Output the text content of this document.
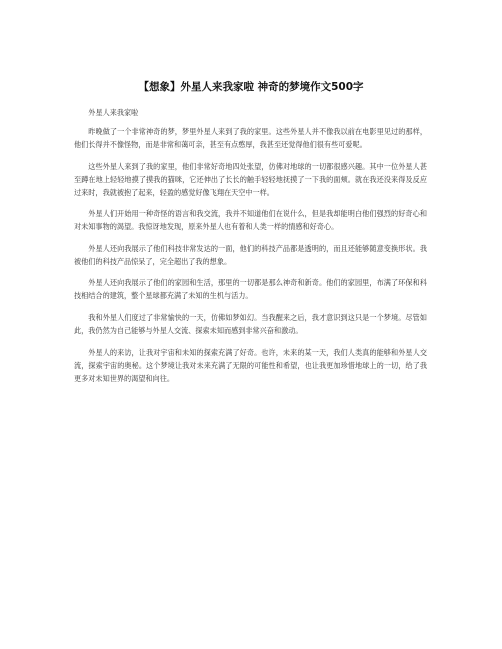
【想象】外星人来我家啦 神奇的梦境作文500字

外星人来我家啦

昨晚做了一个非常神奇的梦，梦里外星人来到了我的家里。这些外星人并不像我以前在电影里见过的那样，他们长得并不像怪物，而是非常和蔼可亲，甚至有点憨厚，我甚至还觉得他们很有些可爱呢。

这些外星人来到了我的家里，他们非常好奇地四处张望，仿佛对地球的一切都很感兴趣。其中一位外星人甚至蹲在地上轻轻地摸了摸我的猫咪，它还伸出了长长的触手轻轻地抚摸了一下我的面颊。就在我还没来得及反应过来时，我就被抱了起来，轻盈的感觉好像飞翔在天空中一样。

外星人们开始用一种奇怪的语言和我交流，我并不知道他们在说什么，但是我却能明白他们强烈的好奇心和对未知事物的渴望。我惊讶地发现，原来外星人也有着和人类一样的情感和好奇心。

外星人还向我展示了他们科技非常发达的一面，他们的科技产品都是透明的，而且还能够随意变换形状。我被他们的科技产品惊呆了，完全超出了我的想象。

外星人还向我展示了他们的家园和生活，那里的一切都是那么神奇和新奇。他们的家园里，布满了环保和科技相结合的建筑，整个星球都充满了未知的生机与活力。

我和外星人们度过了非常愉快的一天，仿佛如梦如幻。当我醒来之后，我才意识到这只是一个梦境。尽管如此，我仍然为自己能够与外星人交流、探索未知而感到非常兴奋和激动。

外星人的来访，让我对宇宙和未知的探索充满了好奇。也许，未来的某一天，我们人类真的能够和外星人交流，探索宇宙的奥秘。这个梦境让我对未来充满了无限的可能性和希望，也让我更加珍惜地球上的一切，给了我更多对未知世界的渴望和向往。
